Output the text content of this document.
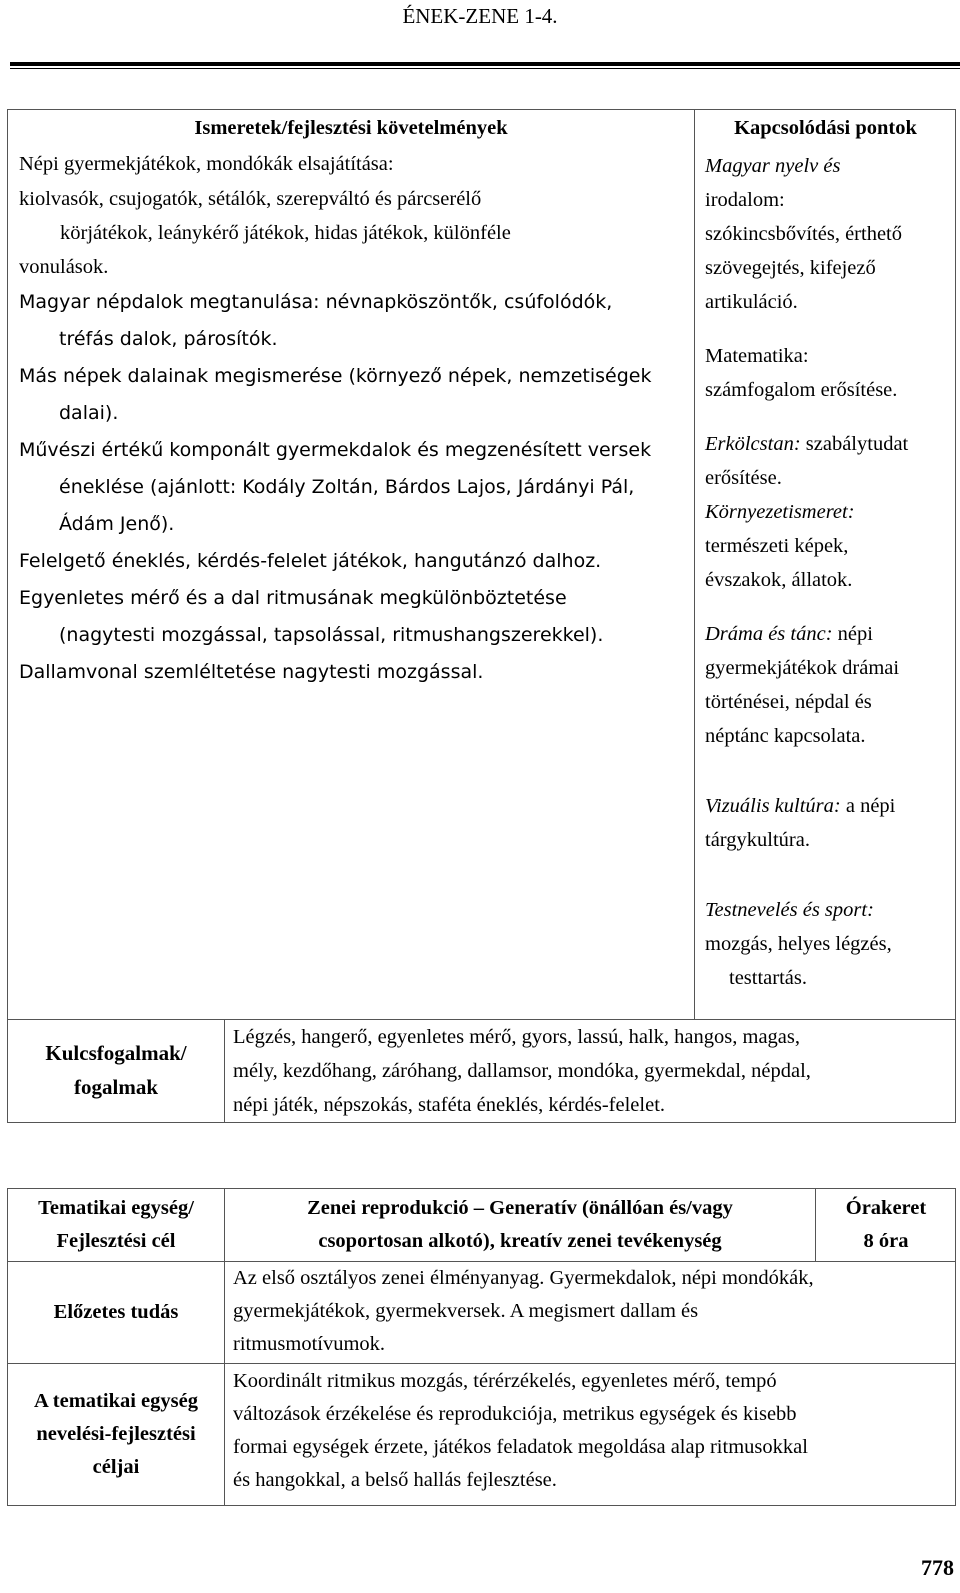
ÉNEK-ZENE 1-4.
Ismeretek/fejlesztési követelmények	Kapcsolódási pontok

Népi gyermekjátékok, mondókák elsajátítása:

kiolvasók, csujogatók, sétálók, szerepváltó és párcserélő
körjátékok, leánykérő játékok, hidas játékok, különféle
vonulások.

Magyar népdalok megtanulása: névnapköszöntők, csúfolódók,
tréfás dalok, párosítók.
Más népek dalainak megismerése (környező népek, nemzetiségek
dalai).
Művészi értékű komponált gyermekdalok és megzenésített versek
éneklése (ajánlott: Kodály Zoltán, Bárdos Lajos, Járdányi Pál,
Ádám Jenő).
Felelgető éneklés, kérdés-felelet játékok, hangutánzó dalhoz.
Egyenletes mérő és a dal ritmusának megkülönböztetése
(nagytesti mozgással, tapsolással, ritmushangszerekkel).
Dallamvonal szemléltetése nagytesti mozgással.

Magyar nyelv és

irodalom:

szókincsbővítés, érthető

szövegejtés, kifejező

artikuláció.

Matematika:

számfogalom erősítése.

Erkölcstan: szabálytudat

erősítése.

Környezetismeret:

természeti képek,

évszakok, állatok.

Dráma és tánc: népi

gyermekjátékok drámai

történései, népdal és

néptánc kapcsolata.

Vizuális kultúra: a népi

tárgykultúra.

Testnevelés és sport:

mozgás, helyes légzés,

testtartás.

Kulcsfogalmak/
fogalmak
Légzés, hangerő, egyenletes mérő, gyors, lassú, halk, hangos, magas,
mély, kezdőhang, záróhang, dallamsor, mondóka, gyermekdal, népdal,
népi játék, népszokás, staféta éneklés, kérdés-felelet.
Tematikai egység/
Fejlesztési cél
Zenei reprodukció – Generatív (önállóan és/vagy
csoportosan alkotó), kreatív zenei tevékenység
Órakeret
8 óra
Előzetes tudás
Az első osztályos zenei élményanyag. Gyermekdalok, népi mondókák,
gyermekjátékok, gyermekversek. A megismert dallam és
ritmusmotívumok.
A tematikai egység
nevelési-fejlesztési
céljai
Koordinált ritmikus mozgás, térérzékelés, egyenletes mérő, tempó
változások érzékelése és reprodukciója, metrikus egységek és kisebb
formai egységek érzete, játékos feladatok megoldása alap ritmusokkal
és hangokkal, a belső hallás fejlesztése.
778
